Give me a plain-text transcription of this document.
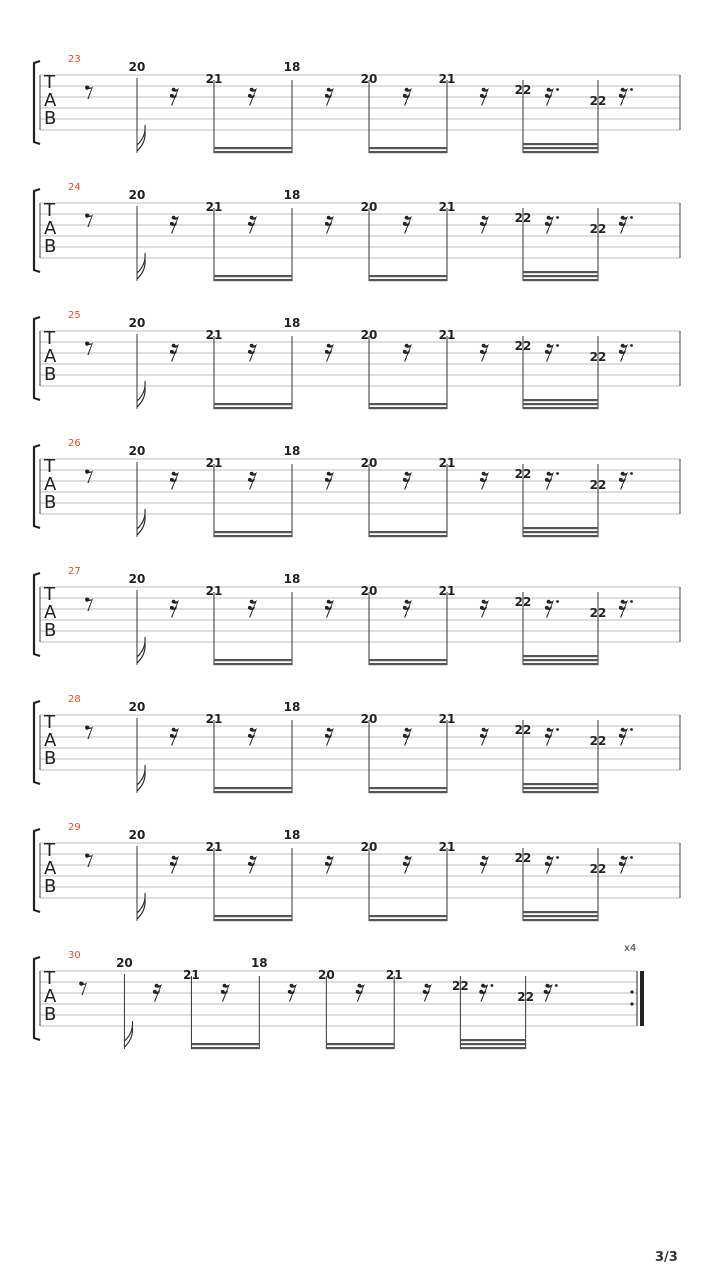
T
A
B
23
20
21
18
20	21
22
22
T
A
B
24
20
21
18
20	21
22
22
T
A
B
25
20
21
18
20	21
22
22
T
A
B
26
20
21
18
20	21
22
22
T
A
B
27
20
21
18
20	21
22
22
T
A
B
28
20
21
18
20	21
22
22
T
A
B
29
20
21
18
20	21
22
22
x4
T
A
B
30
20
21
18
20	21
22
22
3/3
